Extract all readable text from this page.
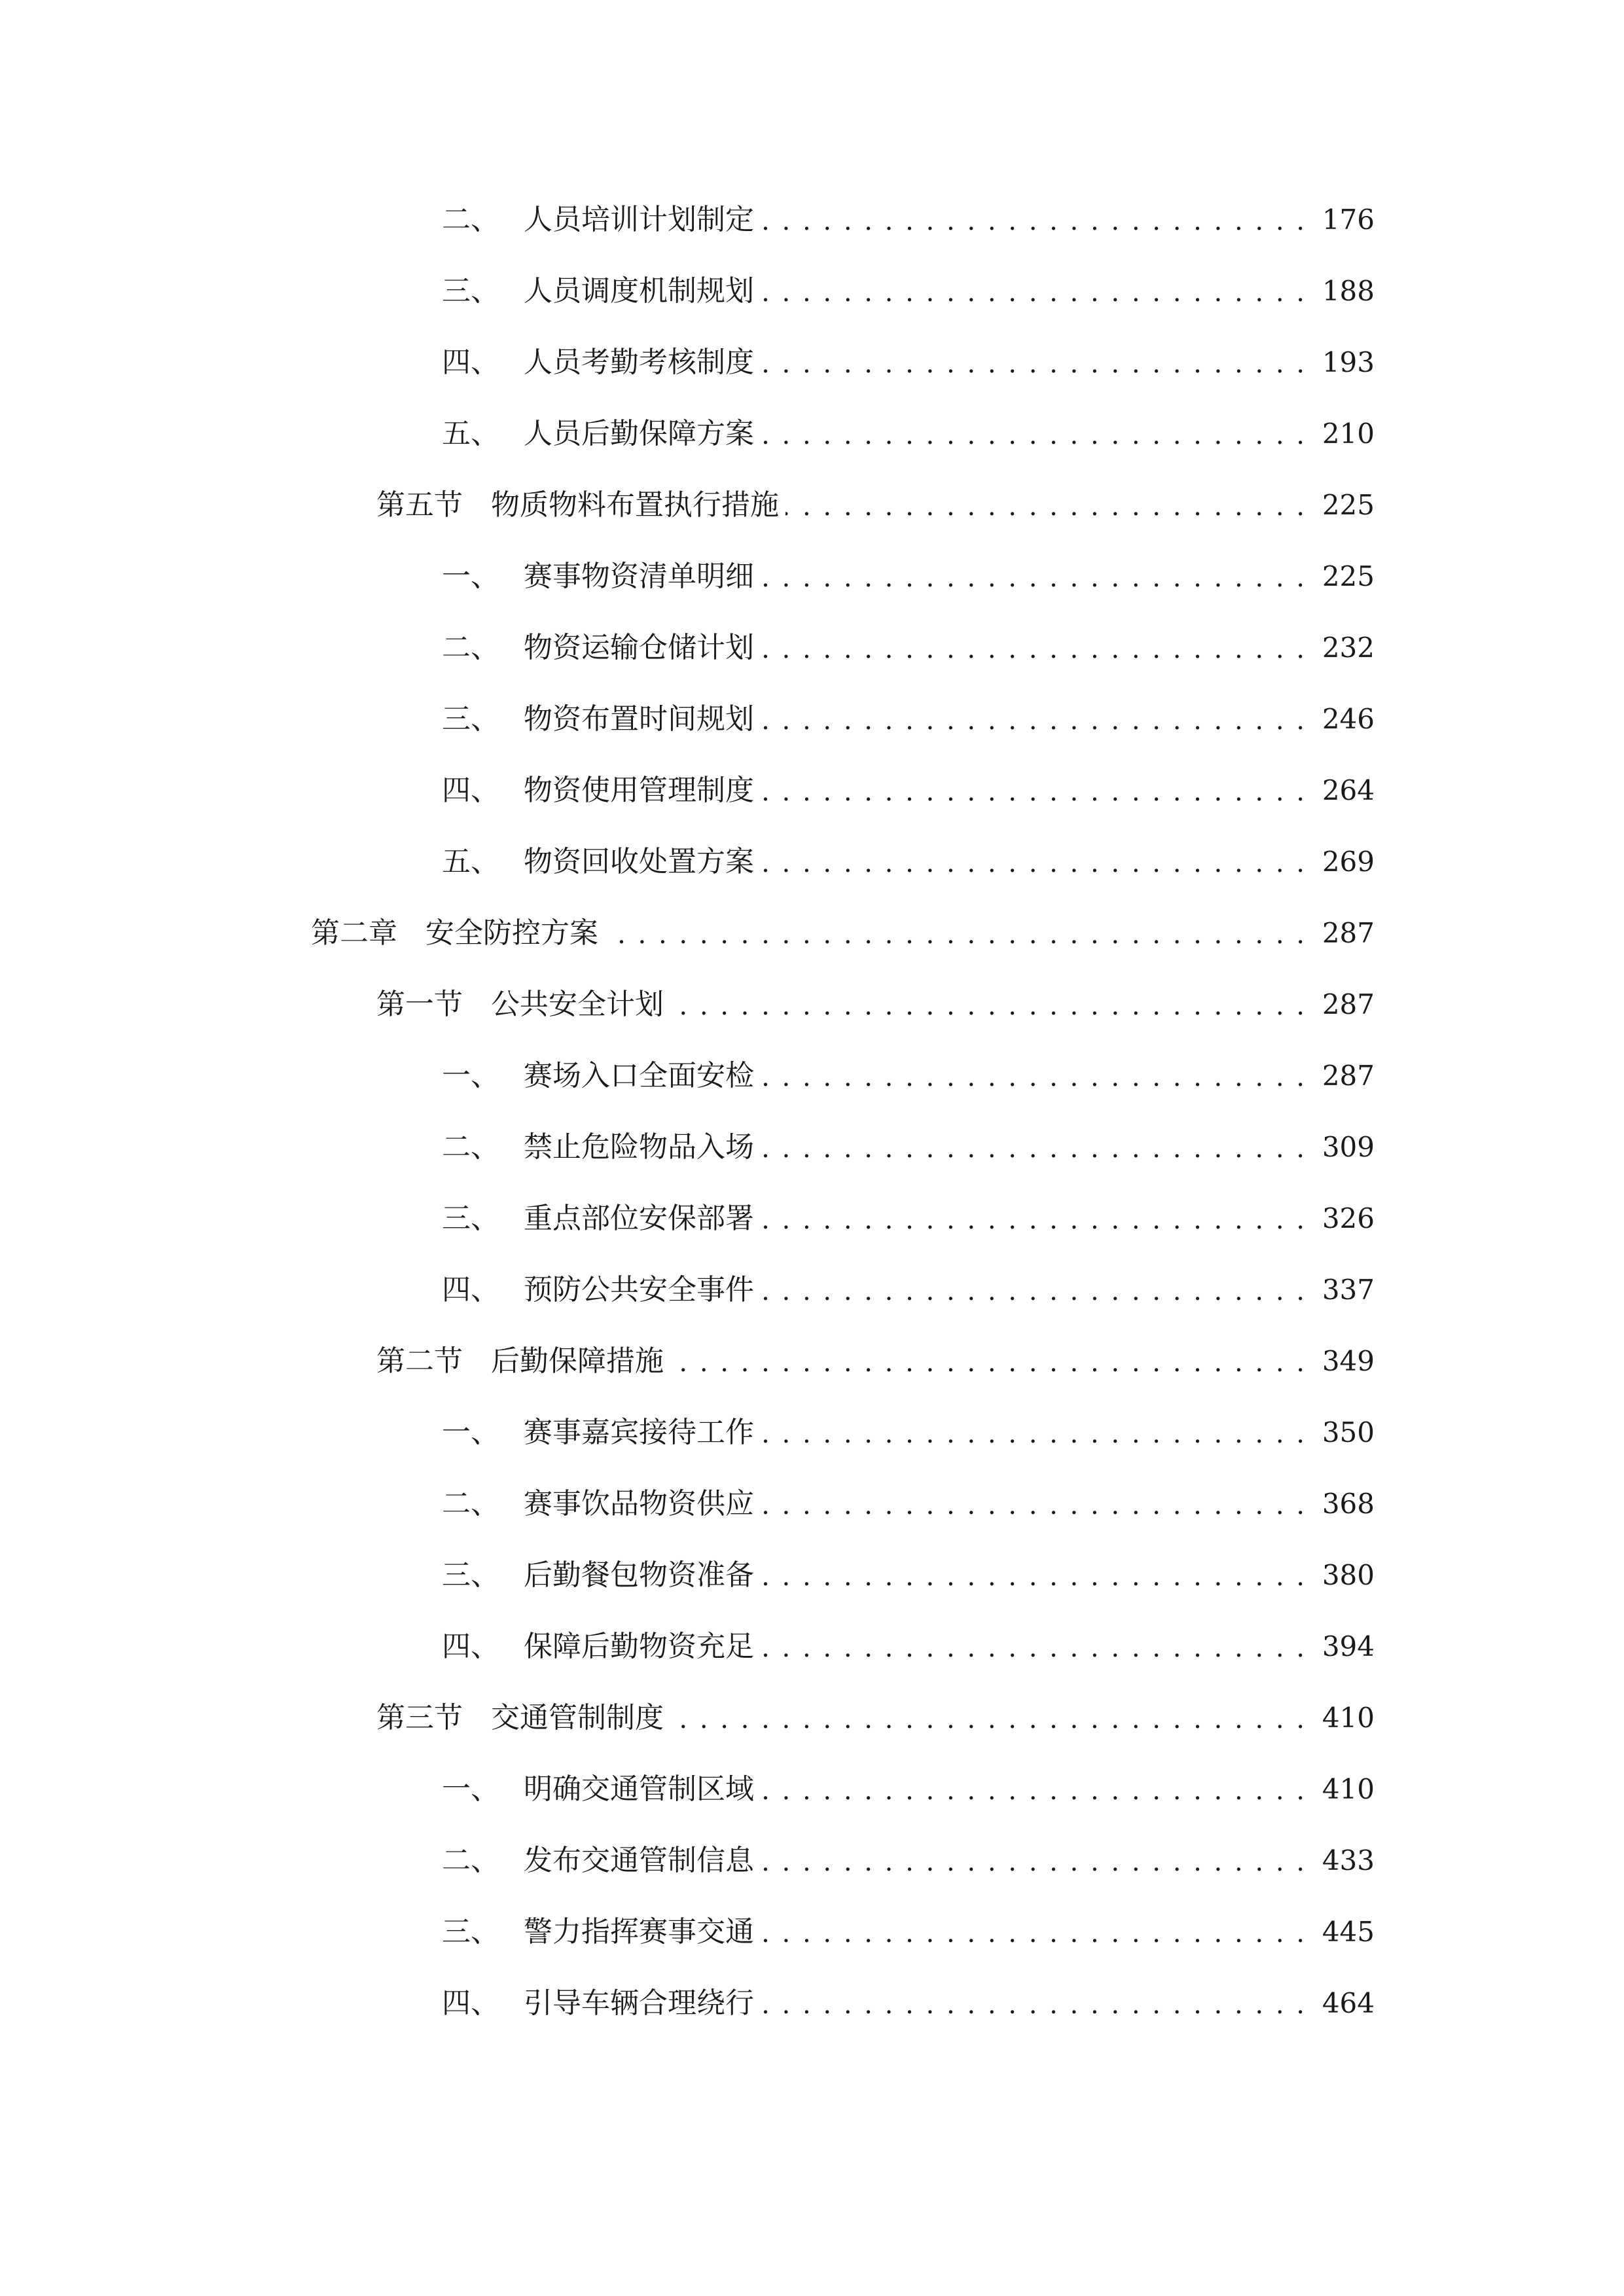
二、 人员培训计划制定 . . .	176
三、 人员调度机制规划 . . .	188
四、 人员考勤考核制度 . . .	193
五、 人员后勤保障方案 . . .	210
第五节 物质物料布置执行措施 . . .	225
一、 赛事物资清单明细 . . .	225
二、 物资运输仓储计划 . . .	232
三、 物资布置时间规划 . . .	246
四、 物资使用管理制度 . . .	264
五、 物资回收处置方案 . . .	269
第二章 安全防控方案 . . .	287
第一节 公共安全计划 . . .	287
一、 赛场入口全面安检 . . .	287
二、 禁止危险物品入场 . . .	309
三、 重点部位安保部署 . . .	326
四、 预防公共安全事件 . . .	337
第二节 后勤保障措施 . . .	349
一、 赛事嘉宾接待工作 . . .	350
二、 赛事饮品物资供应 . . .	368
三、 后勤餐包物资准备 . . .	380
四、 保障后勤物资充足 . . .	394
第三节 交通管制制度 . . .	410
一、 明确交通管制区域 . . .	410
二、 发布交通管制信息 . . .	433
三、 警力指挥赛事交通 . . .	445
四、 引导车辆合理绕行 . . .	464
